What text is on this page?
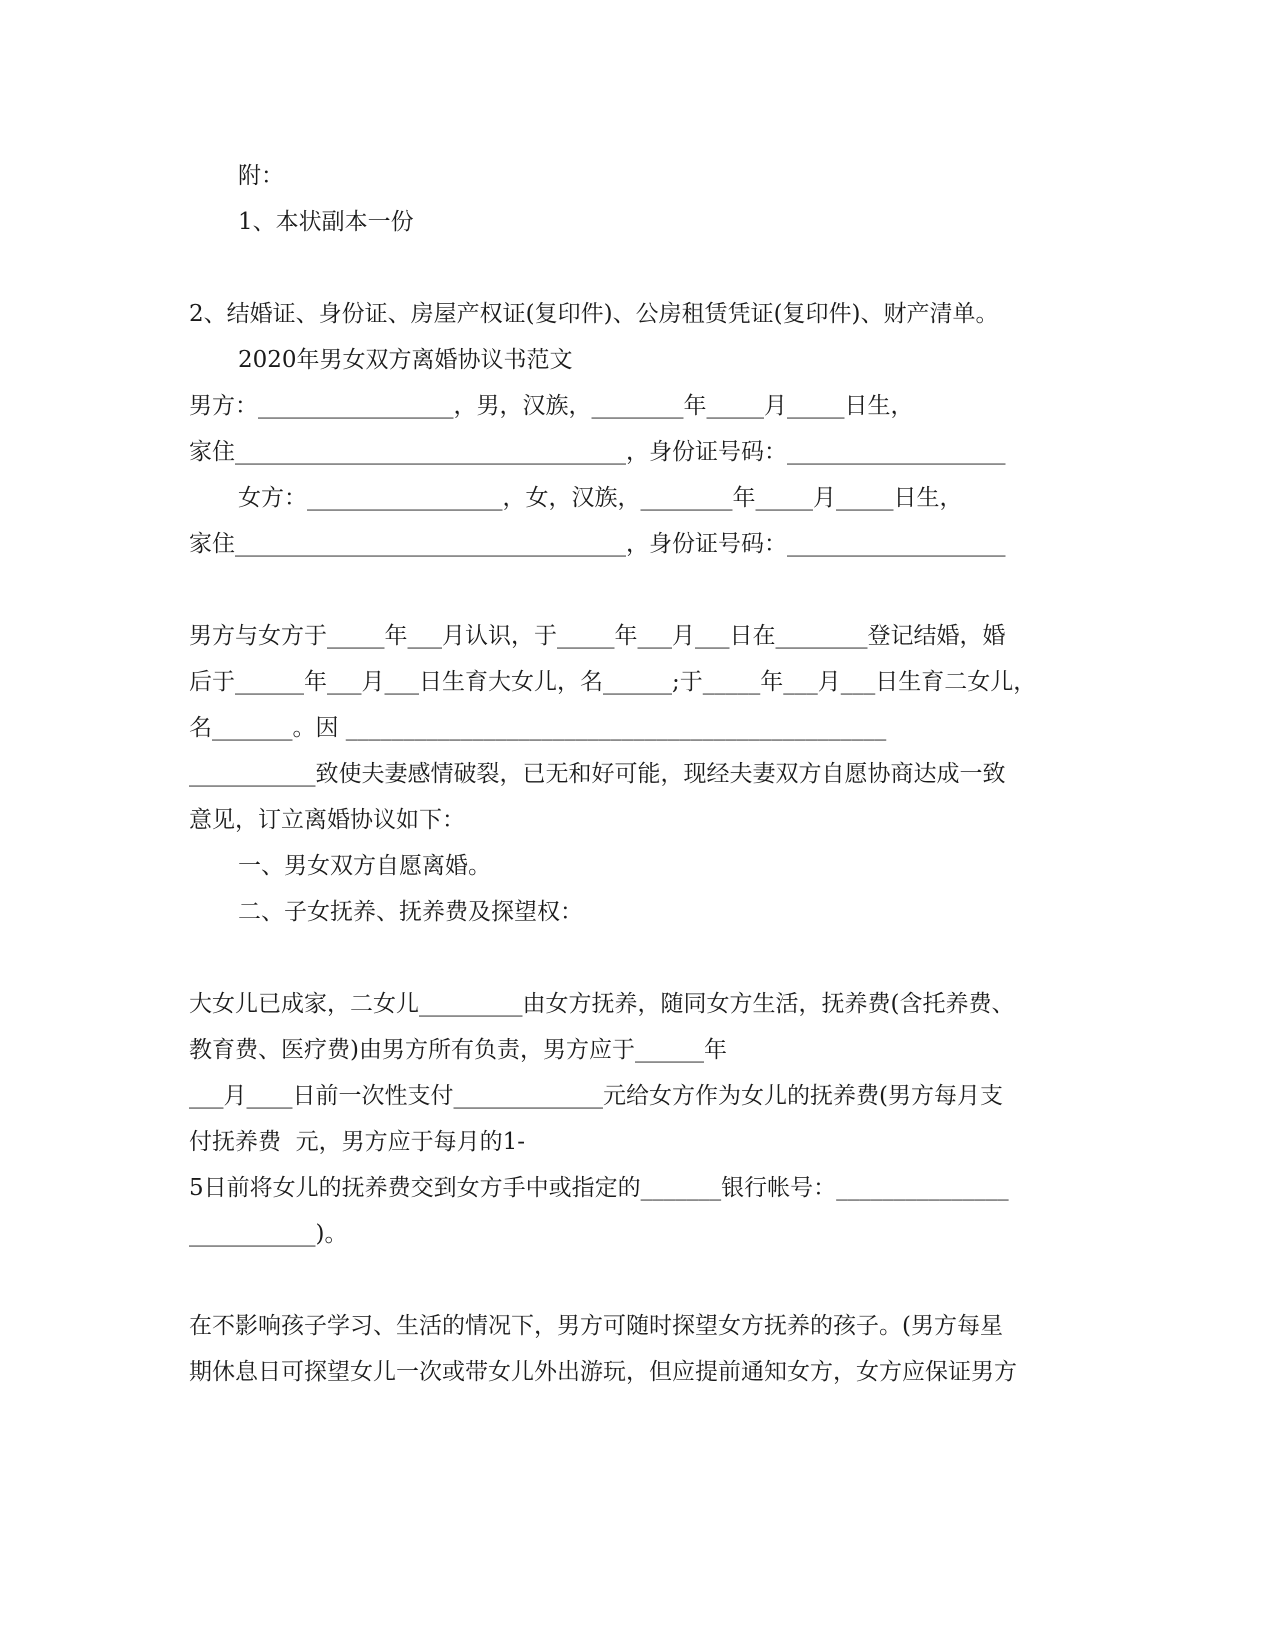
附：
1、本状副本一份
2、结婚证、身份证、房屋产权证(复印件)、公房租赁凭证(复印件)、财产清单。
2020年男女双方离婚协议书范文
男方：_________________，男，汉族，________年_____月_____日生，
家住__________________________________，身份证号码：___________________
女方：_________________，女，汉族，________年_____月_____日生，
家住__________________________________，身份证号码：___________________
男方与女方于_____年___月认识，于_____年___月___日在________登记结婚，婚
后于______年___月___日生育大女儿，名______;于_____年___月___日生育二女儿，
名_______。因 _______________________________________________
___________致使夫妻感情破裂，已无和好可能，现经夫妻双方自愿协商达成一致
意见，订立离婚协议如下：
一、男女双方自愿离婚。
二、子女抚养、抚养费及探望权：
大女儿已成家，二女儿_________由女方抚养，随同女方生活，抚养费(含托养费、
教育费、医疗费)由男方所有负责，男方应于______年
___月____日前一次性支付_____________元给女方作为女儿的抚养费(男方每月支
付抚养费  元，男方应于每月的1-
5日前将女儿的抚养费交到女方手中或指定的_______银行帐号：_______________
___________)。
在不影响孩子学习、生活的情况下，男方可随时探望女方抚养的孩子。(男方每星
期休息日可探望女儿一次或带女儿外出游玩，但应提前通知女方，女方应保证男方
